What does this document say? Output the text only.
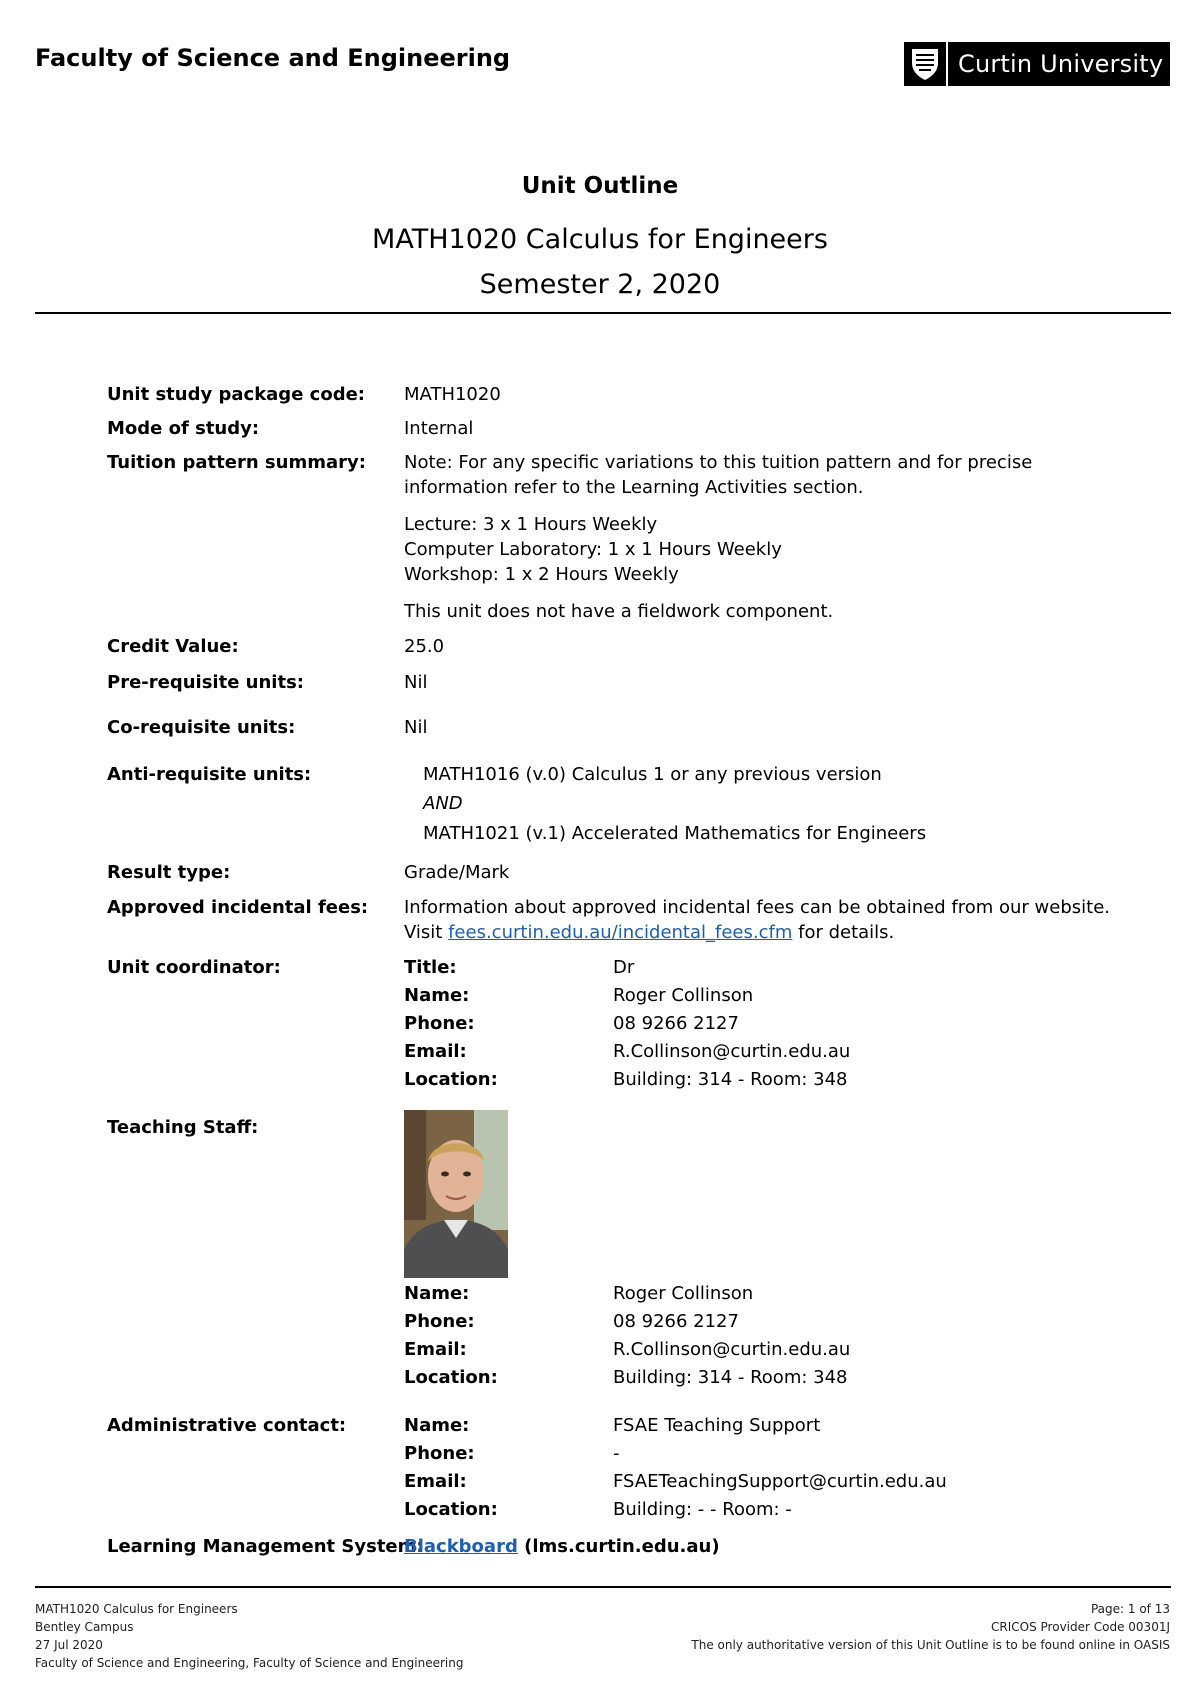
Faculty of Science and Engineering	Curtin University
Unit Outline
MATH1020 Calculus for Engineers
Semester 2, 2020
Unit study package code: MATH1020
Mode of study:	Internal
Tuition pattern summary: Note: For any specific variations to this tuition pattern and for precise
information refer to the Learning Activities section.
Lecture: 3 x 1 Hours Weekly
Computer Laboratory: 1 x 1 Hours Weekly
Workshop: 1 x 2 Hours Weekly
This unit does not have a fieldwork component.
Credit Value:	25.0
Pre-requisite units:	Nil
Co-requisite units:	Nil
Anti-requisite units:	MATH1016 (v.0) Calculus 1 or any previous version
AND
MATH1021 (v.1) Accelerated Mathematics for Engineers
Result type:	Grade/Mark
Approved incidental fees: Information about approved incidental fees can be obtained from our website.
Visit fees.curtin.edu.au/incidental_fees.cfm for details.
Unit coordinator:	Title:	Dr
Name:	Roger Collinson
Phone:	08 9266 2127
Email:	R.Collinson@curtin.edu.au
Location:	Building: 314 - Room: 348
Teaching Staff:
Name:	Roger Collinson
Phone:	08 9266 2127
Email:	R.Collinson@curtin.edu.au
Location:	Building: 314 - Room: 348
Administrative contact:	Name:	FSAE Teaching Support
Phone:	-
Email:	FSAETeachingSupport@curtin.edu.au
Location:	Building: - - Room: -
Learning Management System:
Blackboard (lms.curtin.edu.au)
MATH1020 Calculus for Engineers
Bentley Campus
27 Jul 2020
Faculty of Science and Engineering, Faculty of Science and Engineering
Page: 1 of 13
CRICOS Provider Code 00301J
The only authoritative version of this Unit Outline is to be found online in OASIS
